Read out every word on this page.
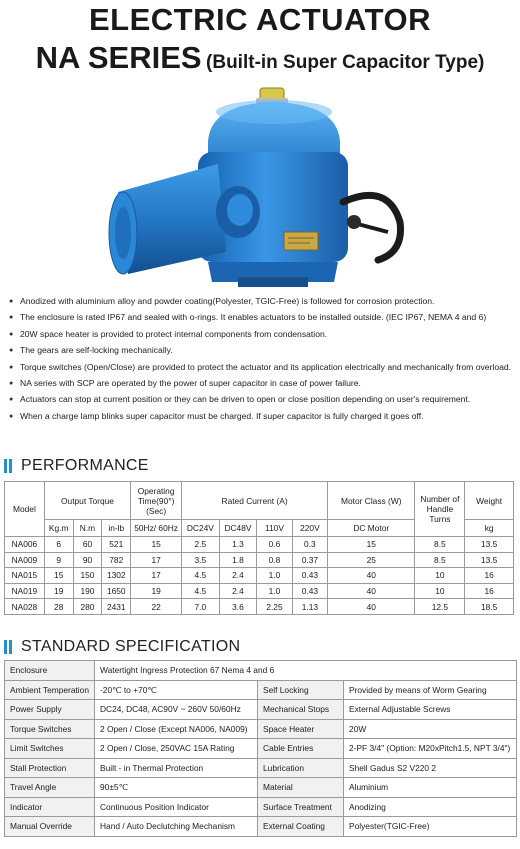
ELECTRIC ACTUATOR
NA SERIES (Built-in Super Capacitor Type)
● Anodized with aluminium alloy and powder coating(Polyester, TGIC-Free) is followed for corrosion protection.
● The enclosure is rated IP67 and sealed with o-rings. It enables actuators to be installed outside. (IEC IP67, NEMA 4 and 6)
● 20W space heater is provided to protect internal components from condensation.
● The gears are self-locking mechanically.
● Torque switches (Open/Close) are provided to protect the actuator and its application electrically and mechanically from overload.
● NA series with SCP are operated by the power of super capacitor in case of power failure.
● Actuators can stop at current position or they can be driven to open or close position depending on user's requirement.
● When a charge lamp blinks super capacitor must be charged. If super capacitor is fully charged it goes off.
PERFORMANCE
Model	Output Torque			Operating Time(90°) (Sec)	Rated Current (A)				Motor Class (W)	Number of Handle Turns	Weight
	Kg.m	N.m	in-lb	50Hz/ 60Hz	DC24V	DC48V	110V	220V	DC Motor		kg
NA006	6	60	521	15	2.5	1.3	0.6	0.3	15	8.5	13.5
NA009	9	90	782	17	3.5	1.8	0.8	0.37	25	8.5	13.5
NA015	15	150	1302	17	4.5	2.4	1.0	0.43	40	10	16
NA019	19	190	1650	19	4.5	2.4	1.0	0.43	40	10	16
NA028	28	280	2431	22	7.0	3.6	2.25	1.13	40	12.5	18.5
STANDARD SPECIFICATION
Enclosure	Watertight Ingress Protection 67 Nema 4 and 6		
Ambient Temperation	-20℃ to +70℃	Self Locking	Provided by means of Worm Gearing
Power Supply	DC24, DC48, AC90V ~ 260V 50/60Hz	Mechanical Stops	External Adjustable Screws
Torque Switches	2 Open / Close (Except NA006, NA009)	Space Heater	20W
Limit Switches	2 Open / Close, 250VAC 15A Rating	Cable Entries	2-PF 3/4" (Option: M20xPitch1.5, NPT 3/4")
Stall Protection	Built - in Thermal Protection	Lubrication	Shell Gadus S2 V220 2
Travel Angle	90±5℃	Material	Aluminium
Indicator	Continuous Position Indicator	Surface Treatment	Anodizing
Manual Override	Hand / Auto Declutching Mechanism	External Coating	Polyester(TGIC-Free)
